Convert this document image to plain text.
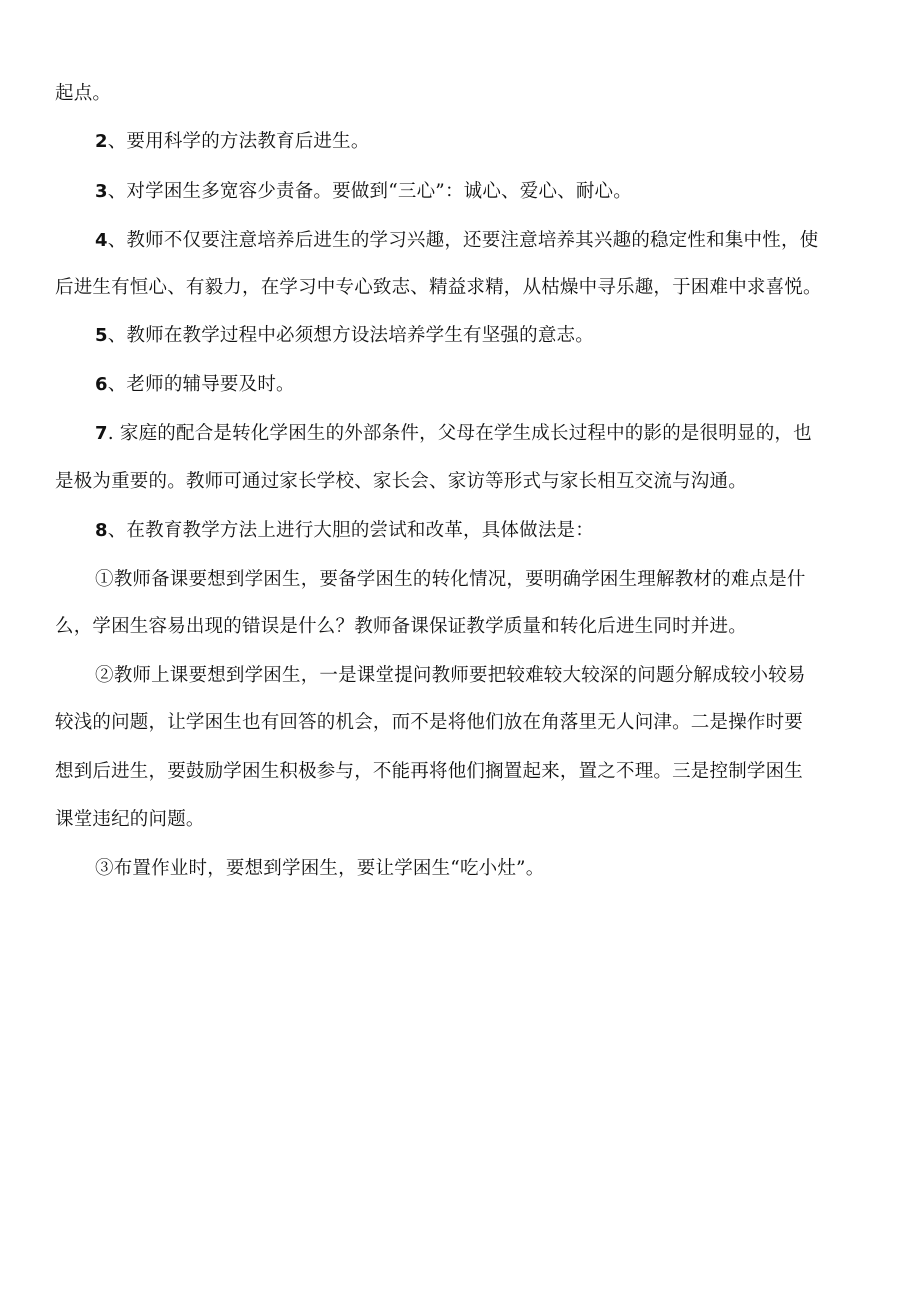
起点。
2、要用科学的方法教育后进生。
3、对学困生多宽容少责备。要做到“三心”：诚心、爱心、耐心。
4、教师不仅要注意培养后进生的学习兴趣，还要注意培养其兴趣的稳定性和集中性，使
后进生有恒心、有毅力，在学习中专心致志、精益求精，从枯燥中寻乐趣，于困难中求喜悦。
5、教师在教学过程中必须想方设法培养学生有坚强的意志。
6、老师的辅导要及时。
7. 家庭的配合是转化学困生的外部条件，父母在学生成长过程中的影的是很明显的，也
是极为重要的。教师可通过家长学校、家长会、家访等形式与家长相互交流与沟通。
8、在教育教学方法上进行大胆的尝试和改革，具体做法是：
①教师备课要想到学困生，要备学困生的转化情况，要明确学困生理解教材的难点是什
么，学困生容易出现的错误是什么？教师备课保证教学质量和转化后进生同时并进。
②教师上课要想到学困生，一是课堂提问教师要把较难较大较深的问题分解成较小较易
较浅的问题，让学困生也有回答的机会，而不是将他们放在角落里无人问津。二是操作时要
想到后进生，要鼓励学困生积极参与，不能再将他们搁置起来，置之不理。三是控制学困生
课堂违纪的问题。
③布置作业时，要想到学困生，要让学困生“吃小灶”。
